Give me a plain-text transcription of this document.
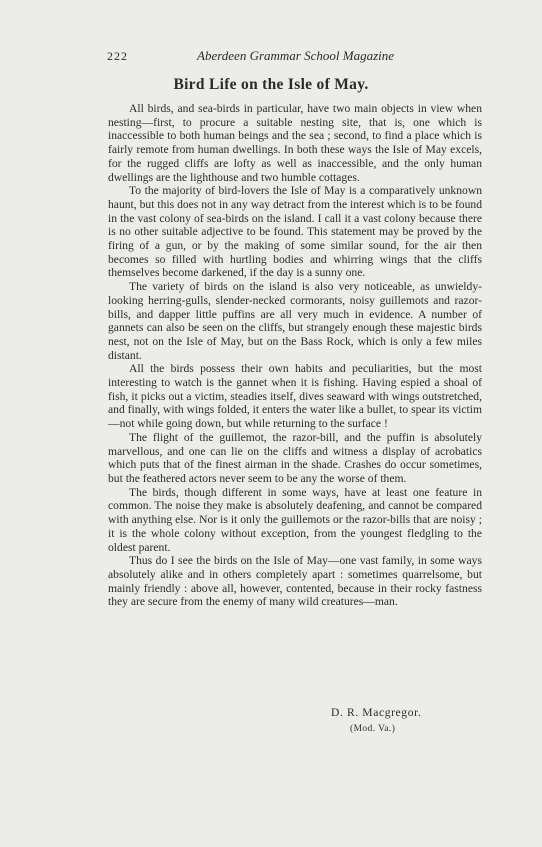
222	Aberdeen Grammar School Magazine
Bird Life on the Isle of May.

All birds, and sea-birds in particular, have two main objects in view when nesting—first, to procure a suitable nesting site, that is, one which is inaccessible to both human beings and the sea ; second, to find a place which is fairly remote from human dwellings. In both these ways the Isle of May excels, for the rugged cliffs are lofty as well as inaccessible, and the only human dwellings are the lighthouse and two humble cottages.

To the majority of bird-lovers the Isle of May is a comparatively unknown haunt, but this does not in any way detract from the interest which is to be found in the vast colony of sea-birds on the island. I call it a vast colony because there is no other suitable adjective to be found. This statement may be proved by the firing of a gun, or by the making of some similar sound, for the air then becomes so filled with hurtling bodies and whirring wings that the cliffs themselves become darkened, if the day is a sunny one.

The variety of birds on the island is also very noticeable, as unwieldy-looking herring-gulls, slender-necked cormorants, noisy guillemots and razor-bills, and dapper little puffins are all very much in evidence. A number of gannets can also be seen on the cliffs, but strangely enough these majestic birds nest, not on the Isle of May, but on the Bass Rock, which is only a few miles distant.

All the birds possess their own habits and peculiarities, but the most interesting to watch is the gannet when it is fishing. Having espied a shoal of fish, it picks out a victim, steadies itself, dives seaward with wings outstretched, and finally, with wings folded, it enters the water like a bullet, to spear its victim —not while going down, but while returning to the surface !

The flight of the guillemot, the razor-bill, and the puffin is absolutely marvellous, and one can lie on the cliffs and witness a display of acrobatics which puts that of the finest airman in the shade. Crashes do occur sometimes, but the feathered actors never seem to be any the worse of them.

The birds, though different in some ways, have at least one feature in common. The noise they make is absolutely deafening, and cannot be compared with anything else. Nor is it only the guillemots or the razor-bills that are noisy ; it is the whole colony without exception, from the youngest fledgling to the oldest parent.

Thus do I see the birds on the Isle of May—one vast family, in some ways absolutely alike and in others completely apart : sometimes quarrelsome, but mainly friendly : above all, however, contented, because in their rocky fastness they are secure from the enemy of many wild creatures—man.

D. R. Macgregor.
(Mod. Va.)
